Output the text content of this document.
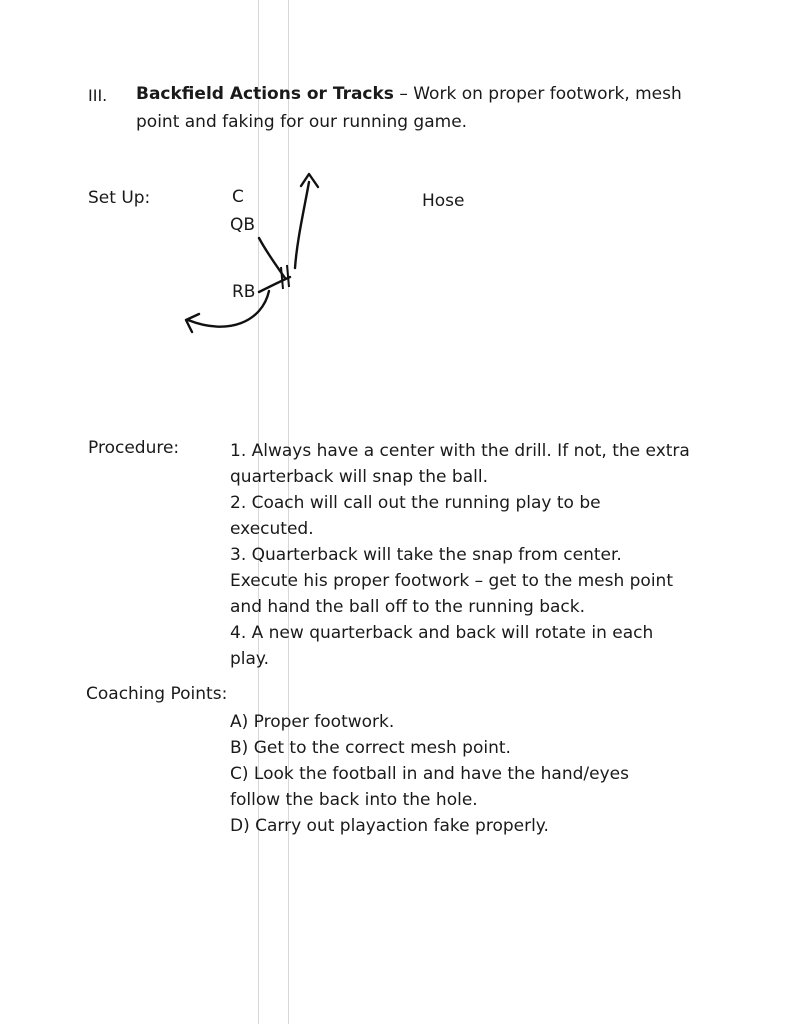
III. Backfield Actions or Tracks – Work on proper footwork, mesh
point and faking for our running game.
Set Up:	C
QB
RB
Hose
Procedure:	1. Always have a center with the drill. If not, the extra
quarterback will snap the ball.
2. Coach will call out the running play to be
executed.
3. Quarterback will take the snap from center.
Execute his proper footwork – get to the mesh point
and hand the ball off to the running back.
4. A new quarterback and back will rotate in each
play.
Coaching Points:
A) Proper footwork.
B) Get to the correct mesh point.
C) Look the football in and have the hand/eyes
follow the back into the hole.
D) Carry out playaction fake properly.
